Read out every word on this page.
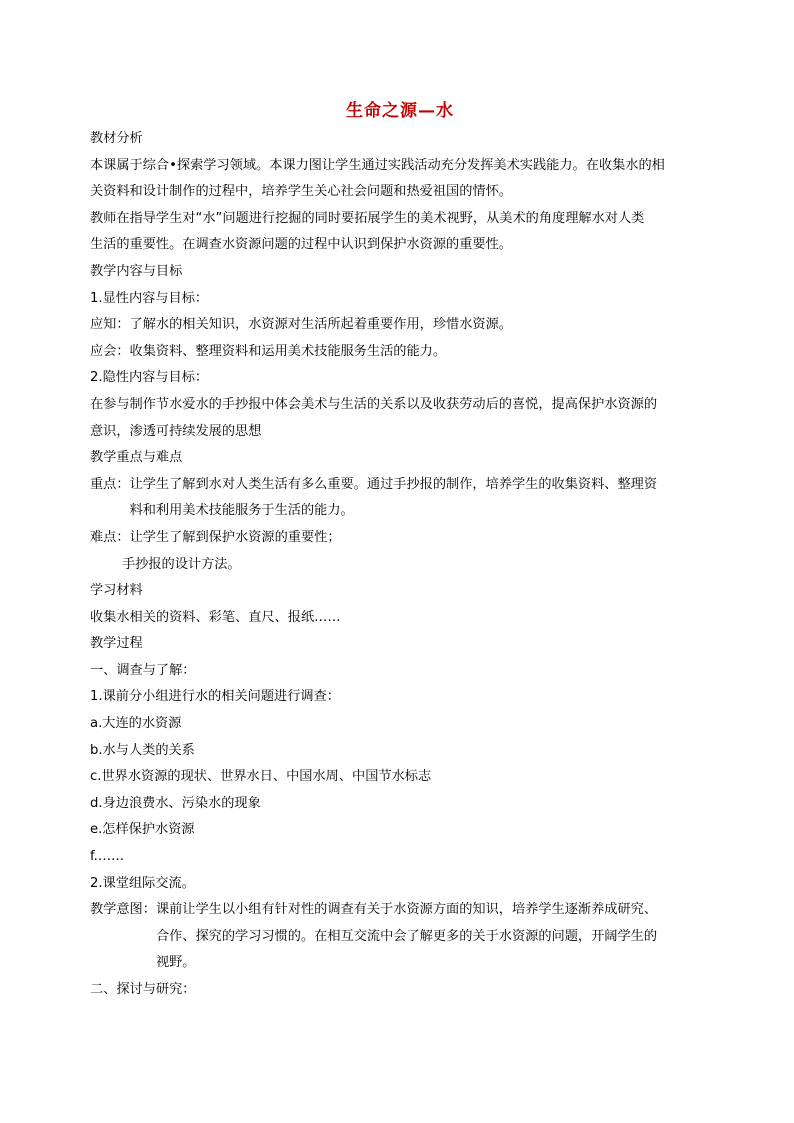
生命之源—水

教材分析

本课属于综合•探索学习领域。本课力图让学生通过实践活动充分发挥美术实践能力。在收集水的相

关资料和设计制作的过程中，培养学生关心社会问题和热爱祖国的情怀。

教师在指导学生对“水”问题进行挖掘的同时要拓展学生的美术视野，从美术的角度理解水对人类

生活的重要性。在调查水资源问题的过程中认识到保护水资源的重要性。

教学内容与目标

1.显性内容与目标：

应知：了解水的相关知识，水资源对生活所起着重要作用，珍惜水资源。

应会：收集资料、整理资料和运用美术技能服务生活的能力。

2.隐性内容与目标：

在参与制作节水爱水的手抄报中体会美术与生活的关系以及收获劳动后的喜悦，提高保护水资源的

意识，渗透可持续发展的思想

教学重点与难点

重点： 让学生了解到水对人类生活有多么重要。通过手抄报的制作，培养学生的收集资料、整理资
料和利用美术技能服务于生活的能力。
难点： 让学生了解到保护水资源的重要性；

手抄报的设计方法。

学习材料

收集水相关的资料、彩笔、直尺、报纸……

教学过程

一、调查与了解：

1.课前分小组进行水的相关问题进行调查：

a.大连的水资源

b.水与人类的关系

c.世界水资源的现状、世界水日、中国水周、中国节水标志

d.身边浪费水、污染水的现象

e.怎样保护水资源

f.……

2.课堂组际交流。

教学意图： 课前让学生以小组有针对性的调查有关于水资源方面的知识，培养学生逐渐养成研究、
合作、探究的学习习惯的。在相互交流中会了解更多的关于水资源的问题，开阔学生的
视野。

二、探讨与研究：
